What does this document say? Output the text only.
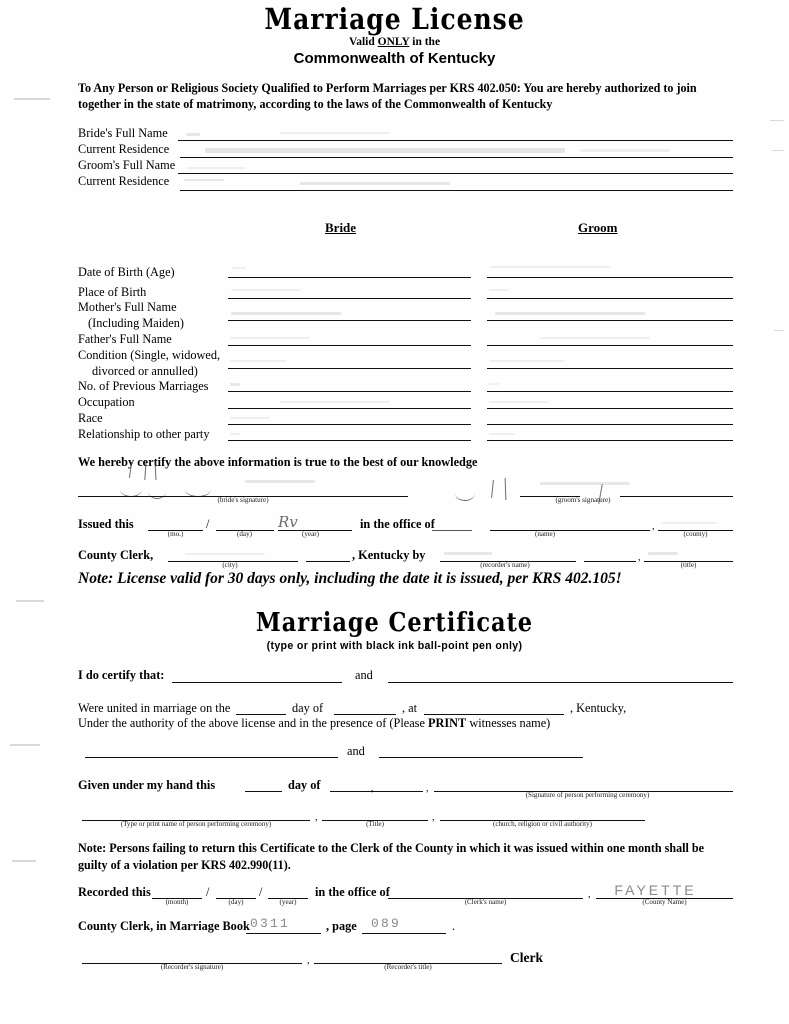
Marriage License
Valid ONLY in the
Commonwealth of Kentucky
To Any Person or Religious Society Qualified to Perform Marriages per KRS 402.050: You are hereby authorized to join together in the state of matrimony, according to the laws of the Commonwealth of Kentucky
Bride's Full Name
Current Residence
Groom's Full Name
Current Residence
Bride	Groom
Date of Birth (Age)
Place of Birth
Mother's Full Name
(Including Maiden)
Father's Full Name
Condition (Single, widowed,
divorced or annulled)
No. of Previous Marriages
Occupation
Race
Relationship to other party
We hereby certify the above information is true to the best of our knowledge
(bride's signature)	(groom's signature)
Issued this
(mo.)
/
(day)
Rv
(year)
in the office of
(name)
,
(county)
County Clerk,
(city)
, Kentucky by
(recorder's name)
,
(title)
Note: License valid for 30 days only, including the date it is issued, per KRS 402.105!
Marriage Certificate
(type or print with black ink ball-point pen only)
I do certify that:	and
Were united in marriage on the	day of	, at	, Kentucky,
Under the authority of the above license and in the presence of (Please PRINT witnesses name)
and
Given under my hand this	day of	,	,
(Signature of person performing ceremony)
(Type or print name of person performing ceremony)
,
(Title)
,
(church, religion or civil authority)
Note: Persons failing to return this Certificate to the Clerk of the County in which it was issued within one month shall be guilty of a violation per KRS 402.990(11).
Recorded this
(month)
/
(day)
/
(year)
in the office of
(Clerk's name)
,	FAYETTE
(County Name)
County Clerk, in Marriage Book 0311	, page 089	.
(Recorder's signature)
,
(Recorder's title)
Clerk
